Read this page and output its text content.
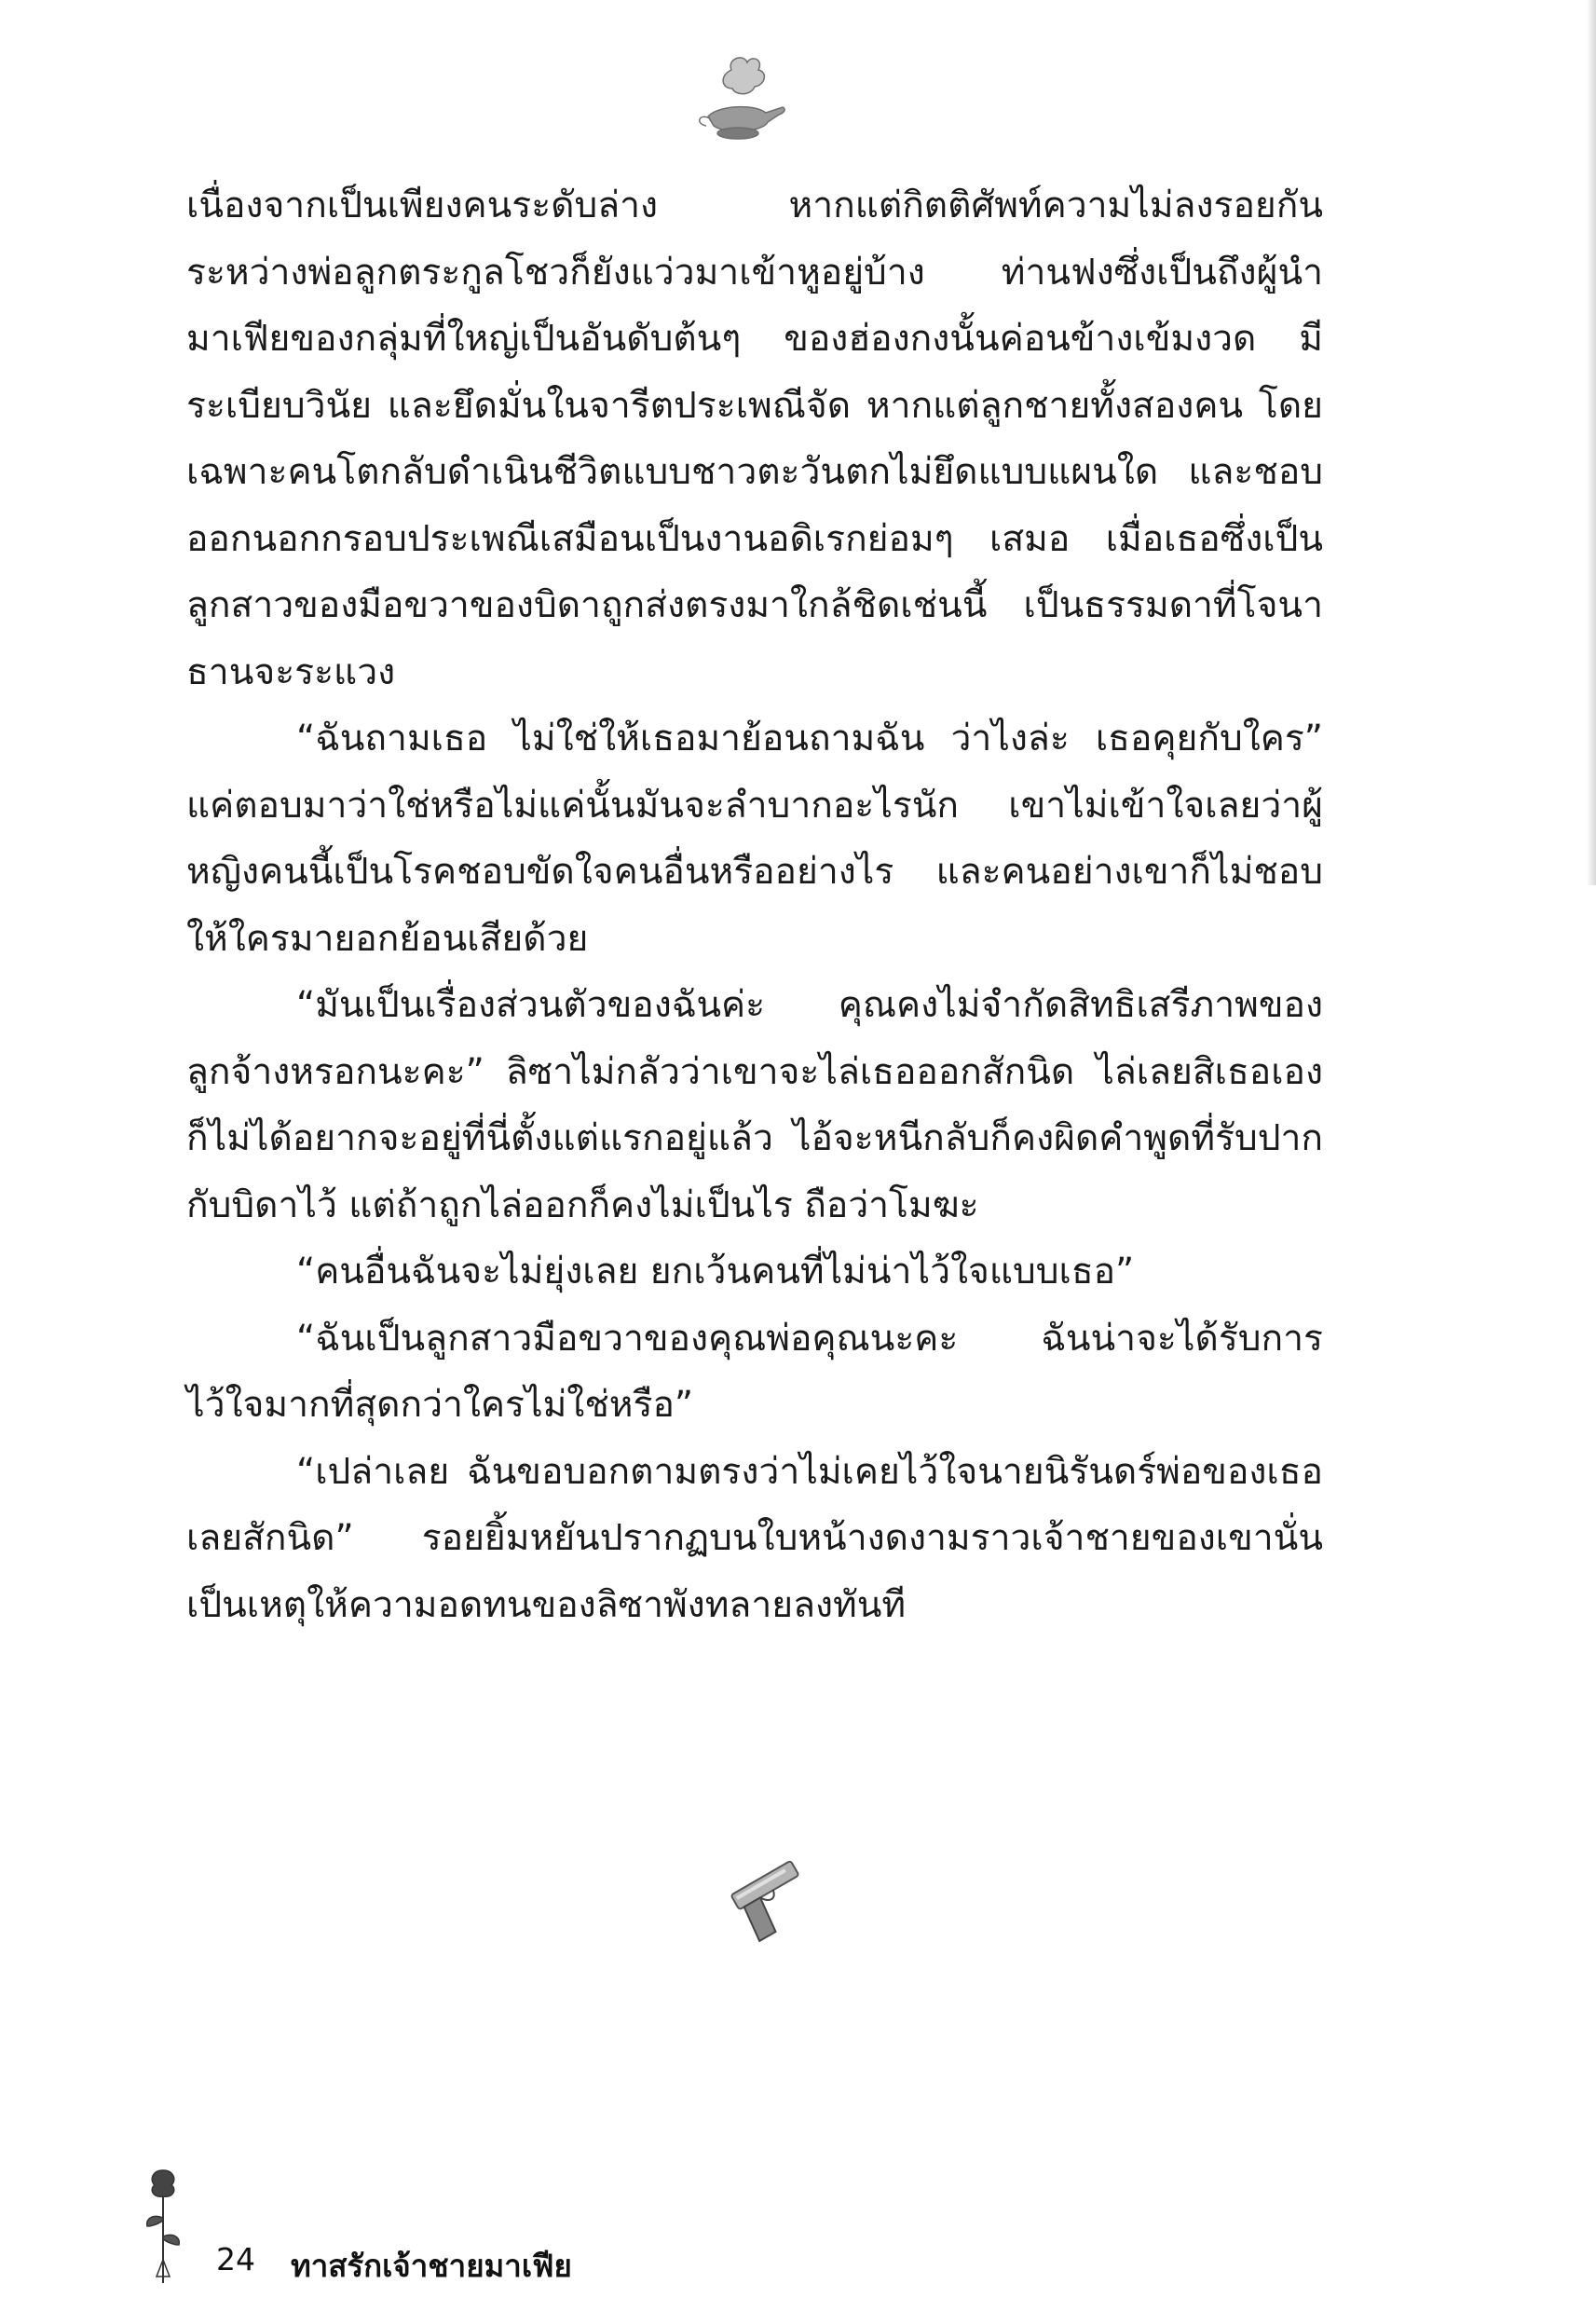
เนื่องจากเป็นเพียงคนระดับล่าง หากแต่กิตติศัพท์ความไม่ลงรอยกันระหว่างพ่อลูกตระกูลโชวก็ยังแว่วมาเข้าหูอยู่บ้าง ท่านฟงซึ่งเป็นถึงผู้นำมาเฟียของกลุ่มที่ใหญ่เป็นอันดับต้นๆ ของฮ่องกงนั้นค่อนข้างเข้มงวด มีระเบียบวินัย และยึดมั่นในจารีตประเพณีจัด หากแต่ลูกชายทั้งสองคน โดยเฉพาะคนโตกลับดำเนินชีวิตแบบชาวตะวันตกไม่ยึดแบบแผนใด และชอบออกนอกกรอบประเพณีเสมือนเป็นงานอดิเรกย่อมๆ เสมอ เมื่อเธอซึ่งเป็นลูกสาวของมือขวาของบิดาถูกส่งตรงมาใกล้ชิดเช่นนี้ เป็นธรรมดาที่โจนาธานจะระแวง

“ฉันถามเธอ ไม่ใช่ให้เธอมาย้อนถามฉัน ว่าไงล่ะ เธอคุยกับใคร” แค่ตอบมาว่าใช่หรือไม่แค่นั้นมันจะลำบากอะไรนัก เขาไม่เข้าใจเลยว่าผู้หญิงคนนี้เป็นโรคชอบขัดใจคนอื่นหรืออย่างไร และคนอย่างเขาก็ไม่ชอบให้ใครมายอกย้อนเสียด้วย

“มันเป็นเรื่องส่วนตัวของฉันค่ะ คุณคงไม่จำกัดสิทธิเสรีภาพของลูกจ้างหรอกนะคะ” ลิซาไม่กลัวว่าเขาจะไล่เธอออกสักนิด ไล่เลยสิเธอเองก็ไม่ได้อยากจะอยู่ที่นี่ตั้งแต่แรกอยู่แล้ว ไอ้จะหนีกลับก็คงผิดคำพูดที่รับปากกับบิดาไว้ แต่ถ้าถูกไล่ออกก็คงไม่เป็นไร ถือว่าโมฆะ

“คนอื่นฉันจะไม่ยุ่งเลย ยกเว้นคนที่ไม่น่าไว้ใจแบบเธอ”

“ฉันเป็นลูกสาวมือขวาของคุณพ่อคุณนะคะ ฉันน่าจะได้รับการไว้ใจมากที่สุดกว่าใครไม่ใช่หรือ”

“เปล่าเลย ฉันขอบอกตามตรงว่าไม่เคยไว้ใจนายนิรันดร์พ่อของเธอเลยสักนิด” รอยยิ้มหยันปรากฏบนใบหน้างดงามราวเจ้าชายของเขานั่นเป็นเหตุให้ความอดทนของลิซาพังทลายลงทันที

24 ทาสรักเจ้าชายมาเฟีย
